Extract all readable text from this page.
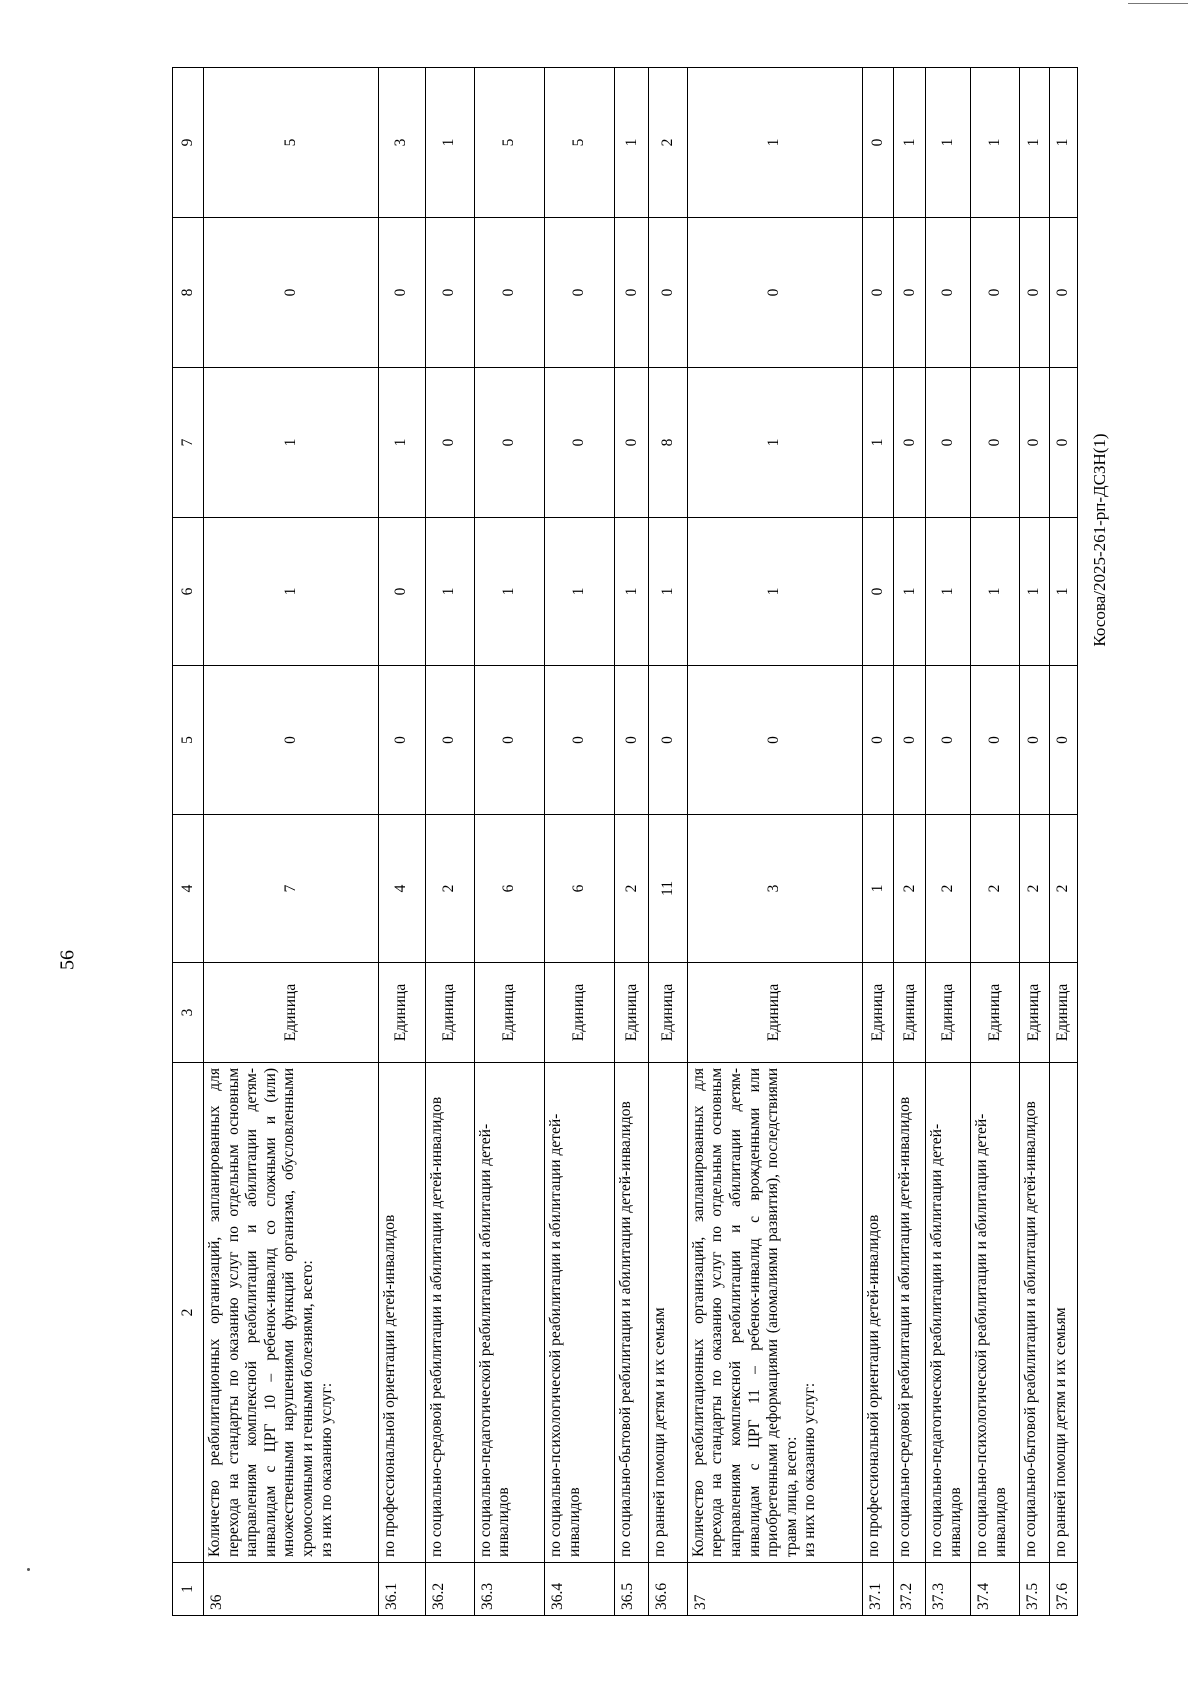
56
Косова/2025-261-рп-ДСЗН(1)
1	2	3	4	5	6	7	8	9
36	Количество реабилитационных организаций, запланированных для перехода на стандарты по оказанию услуг по отдельным основным направлениям комплексной реабилитации и абилитации детям-инвалидам с ЦРГ 10 – ребенок-инвалид со сложными и (или) множественными нарушениями функций организма, обусловленными хромосомными и генными болезнями, всего: из них по оказанию услуг:	Единица	7	0	1	1	0	5
36.1	по профессиональной ориентации детей-инвалидов	Единица	4	0	0	1	0	3
36.2	по социально-средовой реабилитации и абилитации детей-инвалидов	Единица	2	0	1	0	0	1
36.3	по социально-педагогической реабилитации и абилитации детей-инвалидов	Единица	6	0	1	0	0	5
36.4	по социально-психологической реабилитации и абилитации детей-инвалидов	Единица	6	0	1	0	0	5
36.5	по социально-бытовой реабилитации и абилитации детей-инвалидов	Единица	2	0	1	0	0	1
36.6	по ранней помощи детям и их семьям	Единица	11	0	1	8	0	2
37	Количество реабилитационных организаций, запланированных для перехода на стандарты по оказанию услуг по отдельным основным направлениям комплексной реабилитации и абилитации детям-инвалидам с ЦРГ 11 – ребенок-инвалид с врожденными или приобретенными деформациями (аномалиями развития), последствиями травм лица, всего: из них по оказанию услуг:	Единица	3	0	1	1	0	1
37.1	по профессиональной ориентации детей-инвалидов	Единица	1	0	0	1	0	0
37.2	по социально-средовой реабилитации и абилитации детей-инвалидов	Единица	2	0	1	0	0	1
37.3	по социально-педагогической реабилитации и абилитации детей-инвалидов	Единица	2	0	1	0	0	1
37.4	по социально-психологической реабилитации и абилитации детей-инвалидов	Единица	2	0	1	0	0	1
37.5	по социально-бытовой реабилитации и абилитации детей-инвалидов	Единица	2	0	1	0	0	1
37.6	по ранней помощи детям и их семьям	Единица	2	0	1	0	0	1
